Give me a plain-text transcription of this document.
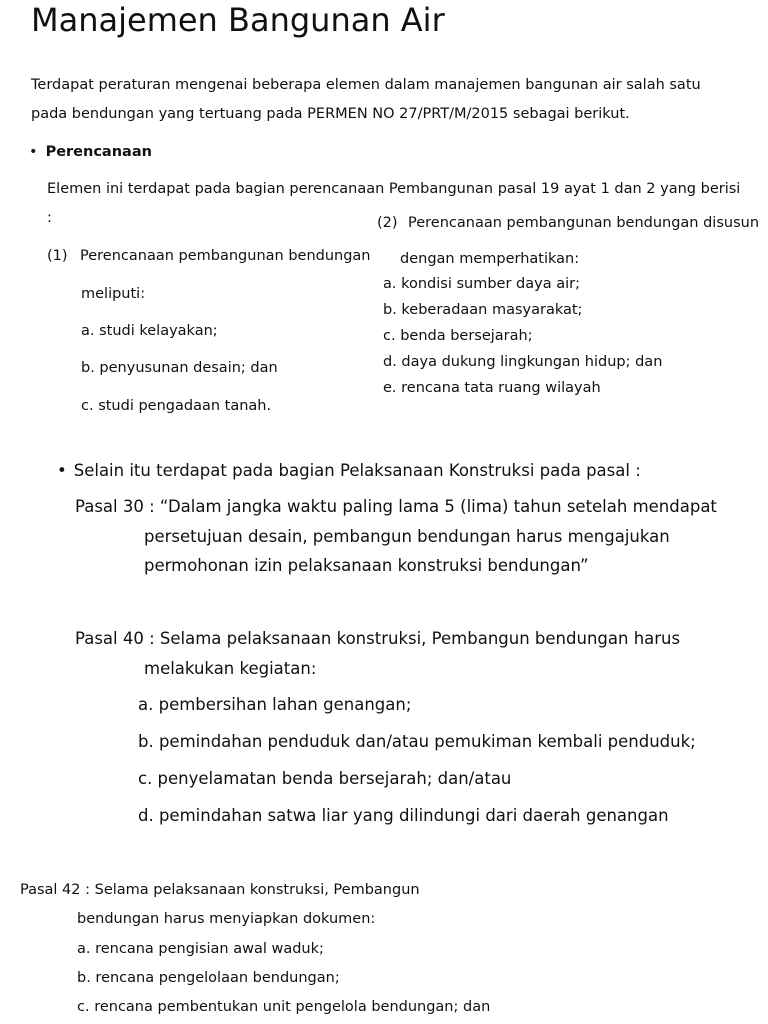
Manajemen Bangunan Air
Terdapat peraturan mengenai beberapa elemen dalam manajemen bangunan air salah satu
pada bendungan yang tertuang pada PERMEN NO 27/PRT/M/2015 sebagai berikut.
• Perencanaan
Elemen ini terdapat pada bagian perencanaan Pembangunan pasal 19 ayat 1 dan 2 yang berisi
:
(1) Perencanaan pembangunan bendungan
meliputi:
a. studi kelayakan;
b. penyusunan desain; dan
c. studi pengadaan tanah.
(2) Perencanaan pembangunan bendungan disusun
dengan memperhatikan:
a. kondisi sumber daya air;
b. keberadaan masyarakat;
c. benda bersejarah;
d. daya dukung lingkungan hidup; dan
e. rencana tata ruang wilayah
• Selain itu terdapat pada bagian Pelaksanaan Konstruksi pada pasal :
Pasal 30 : “Dalam jangka waktu paling lama 5 (lima) tahun setelah mendapat
persetujuan desain, pembangun bendungan harus mengajukan
permohonan izin pelaksanaan konstruksi bendungan”
Pasal 40 : Selama pelaksanaan konstruksi, Pembangun bendungan harus
melakukan kegiatan:
a. pembersihan lahan genangan;
b. pemindahan penduduk dan/atau pemukiman kembali penduduk;
c. penyelamatan benda bersejarah; dan/atau
d. pemindahan satwa liar yang dilindungi dari daerah genangan
Pasal 42 : Selama pelaksanaan konstruksi, Pembangun
bendungan harus menyiapkan dokumen:
a. rencana pengisian awal waduk;
b. rencana pengelolaan bendungan;
c. rencana pembentukan unit pengelola bendungan; dan
